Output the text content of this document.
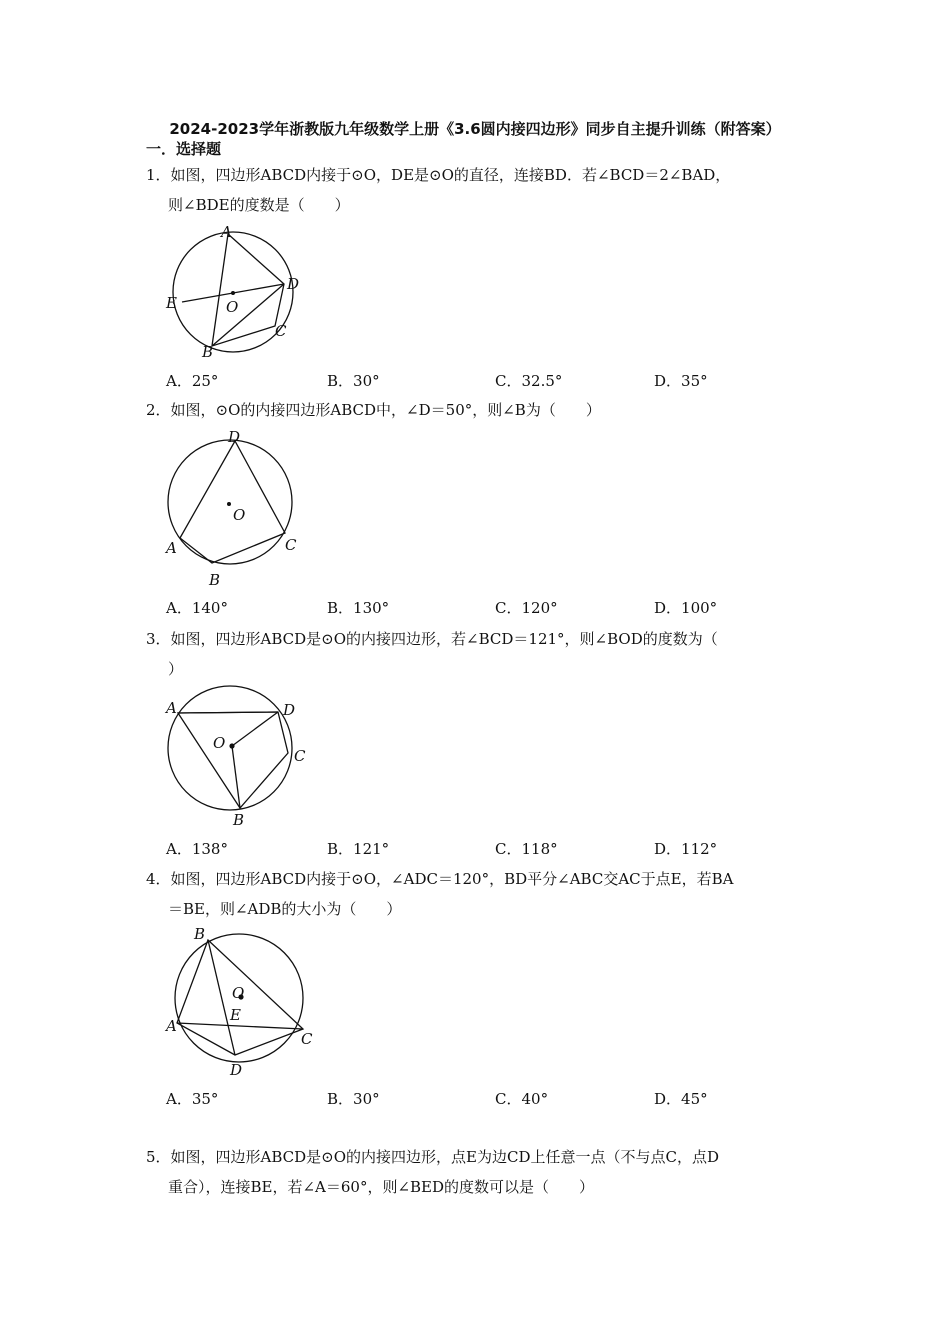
2024-2023学年浙教版九年级数学上册《3.6圆内接四边形》同步自主提升训练（附答案）
一．选择题
1．如图，四边形ABCD内接于⊙O，DE是⊙O的直径，连接BD．若∠BCD＝2∠BAD，
则∠BDE的度数是（　　）
A
B
C
D
E	O
A．25°	B．30°	C．32.5°	D．35°
2．如图，⊙O的内接四边形ABCD中，∠D＝50°，则∠B为（　　）
D
A
B
C
O
A．140°	B．130°	C．120°	D．100°
3．如图，四边形ABCD是⊙O的内接四边形，若∠BCD＝121°，则∠BOD的度数为（
）
A	D
C
B
O
A．138°	B．121°	C．118°	D．112°
4．如图，四边形ABCD内接于⊙O，∠ADC＝120°，BD平分∠ABC交AC于点E，若BA
＝BE，则∠ADB的大小为（　　）
B
A
D
C
E
O
A．35°	B．30°	C．40°	D．45°
5．如图，四边形ABCD是⊙O的内接四边形，点E为边CD上任意一点（不与点C，点D
重合），连接BE，若∠A＝60°，则∠BED的度数可以是（　　）
